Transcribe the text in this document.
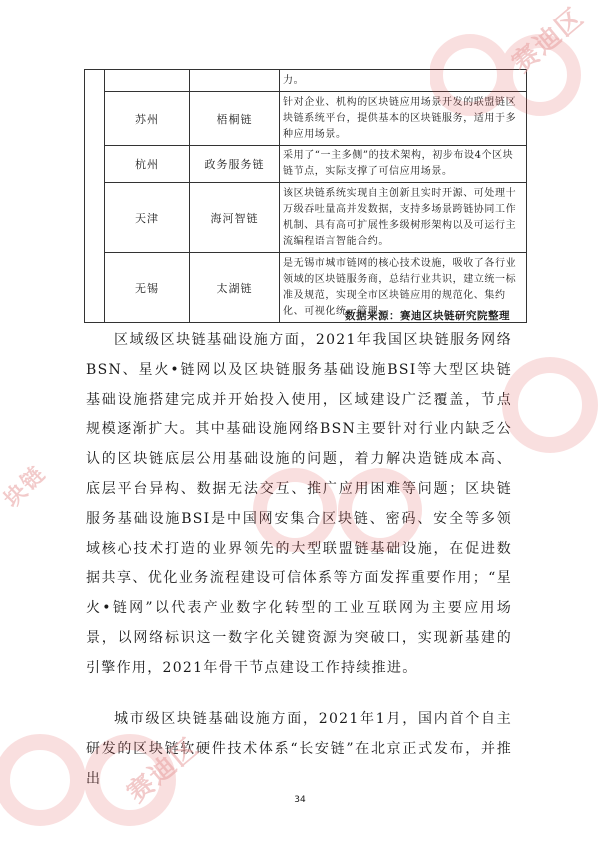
			力。
	苏州	梧桐链	针对企业、机构的区块链应用场景开发的联盟链区块链系统平台，提供基本的区块链服务，适用于多种应用场景。
	杭州	政务服务链	采用了“一主多侧”的技术架构，初步布设4个区块链节点，实际支撑了可信应用场景。
	天津	海河智链	该区块链系统实现自主创新且实时开源、可处理十万级吞吐量高并发数据，支持多场景跨链协同工作机制、具有高可扩展性多级树形架构以及可运行主流编程语言智能合约。
	无锡	太湖链	是无锡市城市链网的核心技术设施，吸收了各行业领域的区块链服务商，总结行业共识，建立统一标准及规范，实现全市区块链应用的规范化、集约化、可视化统一管理。
数据来源：赛迪区块链研究院整理

区域级区块链基础设施方面，2021年我国区块链服务网络BSN、星火•链网以及区块链服务基础设施BSI等大型区块链基础设施搭建完成并开始投入使用，区域建设广泛覆盖，节点规模逐渐扩大。其中基础设施网络BSN主要针对行业内缺乏公认的区块链底层公用基础设施的问题，着力解决造链成本高、底层平台异构、数据无法交互、推广应用困难等问题；区块链服务基础设施BSI是中国网安集合区块链、密码、安全等多领域核心技术打造的业界领先的大型联盟链基础设施，在促进数据共享、优化业务流程建设可信体系等方面发挥重要作用；“星火•链网”以代表产业数字化转型的工业互联网为主要应用场景，以网络标识这一数字化关键资源为突破口，实现新基建的引擎作用，2021年骨干节点建设工作持续推进。

城市级区块链基础设施方面，2021年1月，国内首个自主研发的区块链软硬件技术体系“长安链”在北京正式发布，并推出

34
赛迪区
块链
赛迪区
